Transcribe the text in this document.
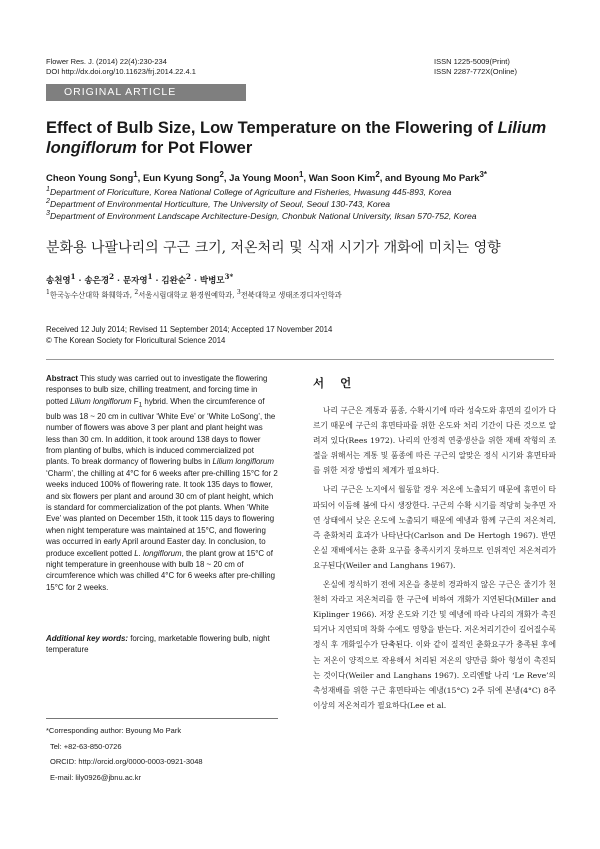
Flower Res. J. (2014) 22(4):230-234
DOI http://dx.doi.org/10.11623/frj.2014.22.4.1
ISSN 1225-5009(Print)
ISSN 2287-772X(Online)
ORIGINAL ARTICLE
Effect of Bulb Size, Low Temperature on the Flowering of Lilium longiflorum for Pot Flower
Cheon Young Song$^1$, Eun Kyung Song$^2$, Ja Young Moon$^1$, Wan Soon Kim$^2$, and Byoung Mo Park$^{3*}$
$^1$Department of Floriculture, Korea National College of Agriculture and Fisheries, Hwasung 445-893, Korea
$^2$Department of Environmental Horticulture, The University of Seoul, Seoul 130-743, Korea
$^3$Department of Environment Landscape Architecture-Design, Chonbuk National University, Iksan 570-752, Korea
분화용 나팔나리의 구근 크기, 저온처리 및 식재 시기가 개화에 미치는 영향
송천영$^1$ · 송은경$^2$ · 문자영$^1$ · 김완순$^2$ · 박병모$^{3*}$
$^1$한국농수산대학 화훼학과, $^2$서울시립대학교 환경원예학과, $^3$전북대학교 생태조경디자인학과
Received 12 July 2014; Revised 11 September 2014; Accepted 17 November 2014
© The Korean Society for Floricultural Science 2014
Abstract This study was carried out to investigate the flowering responses to bulb size, chilling treatment, and forcing time in potted Lilium longiflorum $F_1$ hybrid. When the circumference of bulb was 18 ~ 20 cm in cultivar ‘White Eve’ or ‘White LoSong’, the number of flowers was above 3 per plant and plant height was less than 30 cm. In addition, it took around 138 days to flower from planting of bulbs, which is induced commercialized pot plants. To break dormancy of flowering bulbs in Lilium longiflorum ‘Charm’, the chilling at 4°C for 6 weeks after pre-chilling 15°C for 2 weeks induced 100% of flowering rate. It took 135 days to flower, and six flowers per plant and around 30 cm of plant height, which is standard for commercialization of the pot plants. When ‘White Eve’ was planted on December 15th, it took 115 days to flowering when night temperature was maintained at 15°C, and flowering was occurred in early April around Easter day. In conclusion, to produce excellent potted L. longiflorum, the plant grow at 15°C of night temperature in greenhouse with bulb 18 ~ 20 cm of circumference which was chilled 4°C for 6 weeks after pre-chilling 15°C for 2 weeks.
Additional key words: forcing, marketable flowering bulb, night temperature
*Corresponding author: Byoung Mo Park
Tel: +82-63-850-0726
ORCID: http://orcid.org/0000-0003-0921-3048
E-mail: lily0926@jbnu.ac.kr
서 언

나리 구근은 계통과 품종, 수확시기에 따라 성숙도와 휴면의 깊이가 다르기 때문에 구근의 휴면타파를 위한 온도와 처리 기간이 다른 것으로 알려져 있다(Rees 1972). 나리의 안정적 연중생산을 위한 재배 작형의 조절을 위해서는 계통 및 품종에 따른 구근의 알맞은 정식 시기와 휴면타파를 위한 저장 방법의 체계가 필요하다.

나리 구근은 노지에서 월동할 경우 저온에 노출되기 때문에 휴면이 타파되어 이듬해 봄에 다시 생장한다. 구근의 수확 시기를 적당히 늦추면 자연 상태에서 낮은 온도에 노출되기 때문에 예냉과 함께 구근의 저온처리, 즉 춘화처리 효과가 나타난다(Carlson and De Hertogh 1967). 반면 온실 재배에서는 춘화 요구를 충족시키지 못하므로 인위적인 저온처리가 요구된다(Weiler and Langhans 1967).

온실에 정식하기 전에 저온을 충분히 경과하지 않은 구근은 줄기가 천천히 자라고 저온처리를 한 구근에 비하여 개화가 지연된다(Miller and Kiplinger 1966). 저장 온도와 기간 및 예냉에 따라 나리의 개화가 촉진되거나 지연되며 착화 수에도 영향을 받는다. 저온처리기간이 길어질수록 정식 후 개화일수가 단축된다. 이와 같이 질적인 춘화요구가 충족된 후에는 저온이 양적으로 작용해서 처리된 저온의 양만큼 화아 형성이 촉진되는 것이다(Weiler and Langhans 1967). 오리엔탈 나리 ‘Le Reve’의 촉성재배를 위한 구근 휴면타파는 예냉(15°C) 2주 뒤에 본냉(4°C) 8주 이상의 저온처리가 필요하다(Lee et al.
